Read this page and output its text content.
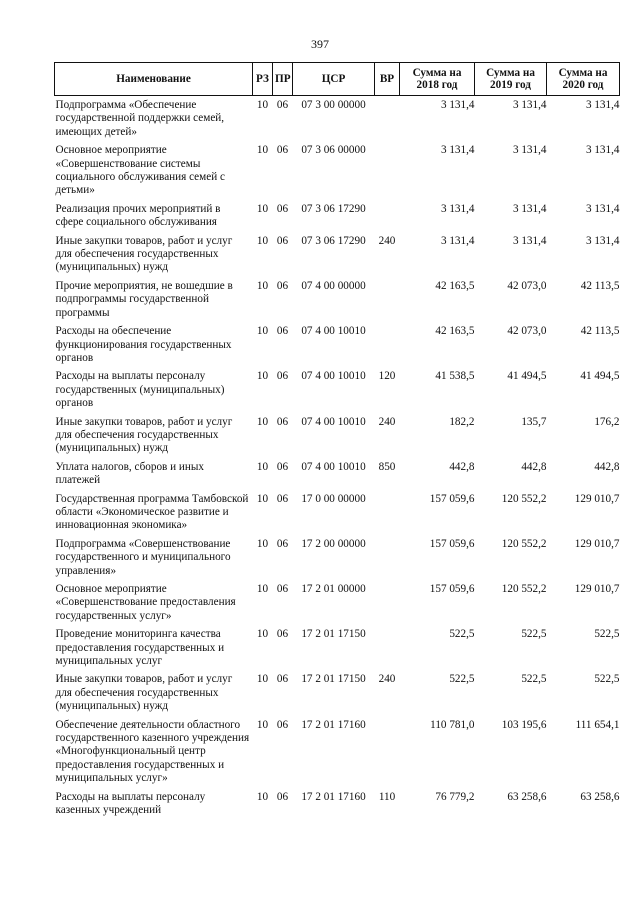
397
Наименование	РЗ	ПР	ЦСР	ВР	Сумма на 2018 год	Сумма на 2019 год	Сумма на 2020 год
Подпрограмма «Обеспечение государственной поддержки семей, имеющих детей»	10	06	07 3 00 00000		3 131,4	3 131,4	3 131,4
Основное мероприятие «Совершенствование системы социального обслуживания семей с детьми»	10	06	07 3 06 00000		3 131,4	3 131,4	3 131,4
Реализация прочих мероприятий в сфере социального обслуживания	10	06	07 3 06 17290		3 131,4	3 131,4	3 131,4
Иные закупки товаров, работ и услуг для обеспечения государственных (муниципальных) нужд	10	06	07 3 06 17290	240	3 131,4	3 131,4	3 131,4
Прочие мероприятия, не вошедшие в подпрограммы государственной программы	10	06	07 4 00 00000		42 163,5	42 073,0	42 113,5
Расходы на обеспечение функционирования государственных органов	10	06	07 4 00 10010		42 163,5	42 073,0	42 113,5
Расходы на выплаты персоналу государственных (муниципальных) органов	10	06	07 4 00 10010	120	41 538,5	41 494,5	41 494,5
Иные закупки товаров, работ и услуг для обеспечения государственных (муниципальных) нужд	10	06	07 4 00 10010	240	182,2	135,7	176,2
Уплата налогов, сборов и иных платежей	10	06	07 4 00 10010	850	442,8	442,8	442,8
Государственная программа Тамбовской области «Экономическое развитие и инновационная экономика»	10	06	17 0 00 00000		157 059,6	120 552,2	129 010,7
Подпрограмма «Совершенствование государственного и муниципального управления»	10	06	17 2 00 00000		157 059,6	120 552,2	129 010,7
Основное мероприятие «Совершенствование предоставления государственных услуг»	10	06	17 2 01 00000		157 059,6	120 552,2	129 010,7
Проведение мониторинга качества предоставления государственных и муниципальных услуг	10	06	17 2 01 17150		522,5	522,5	522,5
Иные закупки товаров, работ и услуг для обеспечения государственных (муниципальных) нужд	10	06	17 2 01 17150	240	522,5	522,5	522,5
Обеспечение деятельности областного государственного казенного учреждения «Многофункциональный центр предоставления государственных и муниципальных услуг»	10	06	17 2 01 17160		110 781,0	103 195,6	111 654,1
Расходы на выплаты персоналу казенных учреждений	10	06	17 2 01 17160	110	76 779,2	63 258,6	63 258,6
